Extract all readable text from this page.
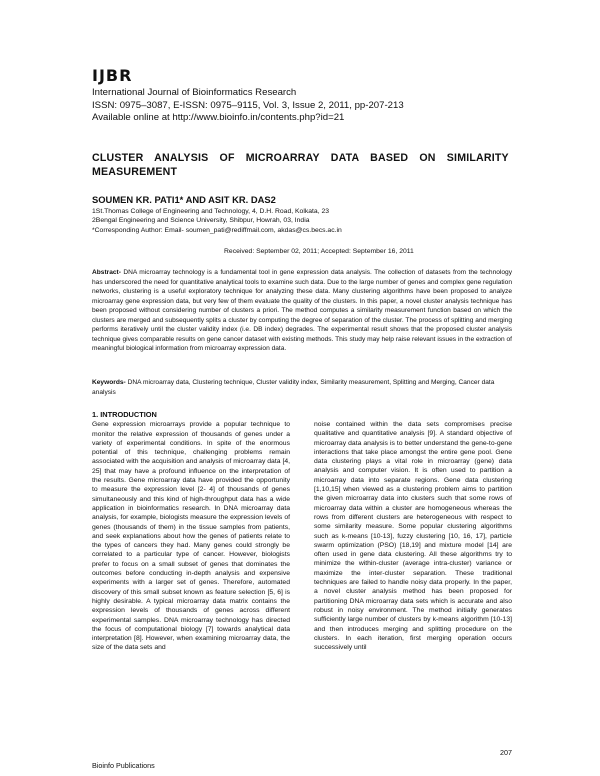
IJBR
International Journal of Bioinformatics Research
ISSN: 0975–3087, E-ISSN: 0975–9115, Vol. 3, Issue 2, 2011, pp-207-213
Available online at http://www.bioinfo.in/contents.php?id=21
CLUSTER ANALYSIS OF MICROARRAY DATA BASED ON SIMILARITY MEASUREMENT
SOUMEN KR. PATI1* AND ASIT KR. DAS2
1St.Thomas College of Engineering and Technology, 4, D.H. Road, Kolkata, 23
2Bengal Engineering and Science University, Shibpur, Howrah, 03, India
*Corresponding Author: Email- soumen_pati@rediffmail.com, akdas@cs.becs.ac.in
Received: September 02, 2011; Accepted: September 16, 2011
Abstract- DNA microarray technology is a fundamental tool in gene expression data analysis. The collection of datasets from the technology has underscored the need for quantitative analytical tools to examine such data. Due to the large number of genes and complex gene regulation networks, clustering is a useful exploratory technique for analyzing these data. Many clustering algorithms have been proposed to analyze microarray gene expression data, but very few of them evaluate the quality of the clusters. In this paper, a novel cluster analysis technique has been proposed without considering number of clusters a priori. The method computes a similarity measurement function based on which the clusters are merged and subsequently splits a cluster by computing the degree of separation of the cluster. The process of splitting and merging performs iteratively until the cluster validity index (i.e. DB index) degrades. The experimental result shows that the proposed cluster analysis technique gives comparable results on gene cancer dataset with existing methods. This study may help raise relevant issues in the extraction of meaningful biological information from microarray expression data.
Keywords- DNA microarray data, Clustering technique, Cluster validity index, Similarity measurement, Splitting and Merging, Cancer data analysis
1. INTRODUCTION

Gene expression microarrays provide a popular technique to monitor the relative expression of thousands of genes under a variety of experimental conditions. In spite of the enormous potential of this technique, challenging problems remain associated with the acquisition and analysis of microarray data [4, 25] that may have a profound influence on the interpretation of the results. Gene microarray data have provided the opportunity to measure the expression level [2- 4] of thousands of genes simultaneously and this kind of high-throughput data has a wide application in bioinformatics research. In DNA microarray data analysis, for example, biologists measure the expression levels of genes (thousands of them) in the tissue samples from patients, and seek explanations about how the genes of patients relate to the types of cancers they had. Many genes could strongly be correlated to a particular type of cancer. However, biologists prefer to focus on a small subset of genes that dominates the outcomes before conducting in-depth analysis and expensive experiments with a larger set of genes. Therefore, automated discovery of this small subset known as feature selection [5, 6] is highly desirable. A typical microarray data matrix contains the expression levels of thousands of genes across different experimental samples. DNA microarray technology has directed the focus of computational biology [7] towards analytical data interpretation [8]. However, when examining microarray data, the size of the data sets and

noise contained within the data sets compromises precise qualitative and quantitative analysis [9]. A standard objective of microarray data analysis is to better understand the gene-to-gene interactions that take place amongst the entire gene pool. Gene data clustering plays a vital role in microarray (gene) data analysis and computer vision. It is often used to partition a microarray data into separate regions. Gene data clustering [1,10,15] when viewed as a clustering problem aims to partition the given microarray data into clusters such that some rows of microarray data within a cluster are homogeneous whereas the rows from different clusters are heterogeneous with respect to some similarity measure. Some popular clustering algorithms such as k-means [10-13], fuzzy clustering [10, 16, 17], particle swarm optimization (PSO) [18,19] and mixture model [14] are often used in gene data clustering. All these algorithms try to minimize the within-cluster (average intra-cluster) variance or maximize the inter-cluster separation. These traditional techniques are failed to handle noisy data properly. In the paper, a novel cluster analysis method has been proposed for partitioning DNA microarray data sets which is accurate and also robust in noisy environment. The method initially generates sufficiently large number of clusters by k-means algorithm [10-13] and then introduces merging and splitting procedure on the clusters. In each iteration, first merging operation occurs successively until

207
Bioinfo Publications
